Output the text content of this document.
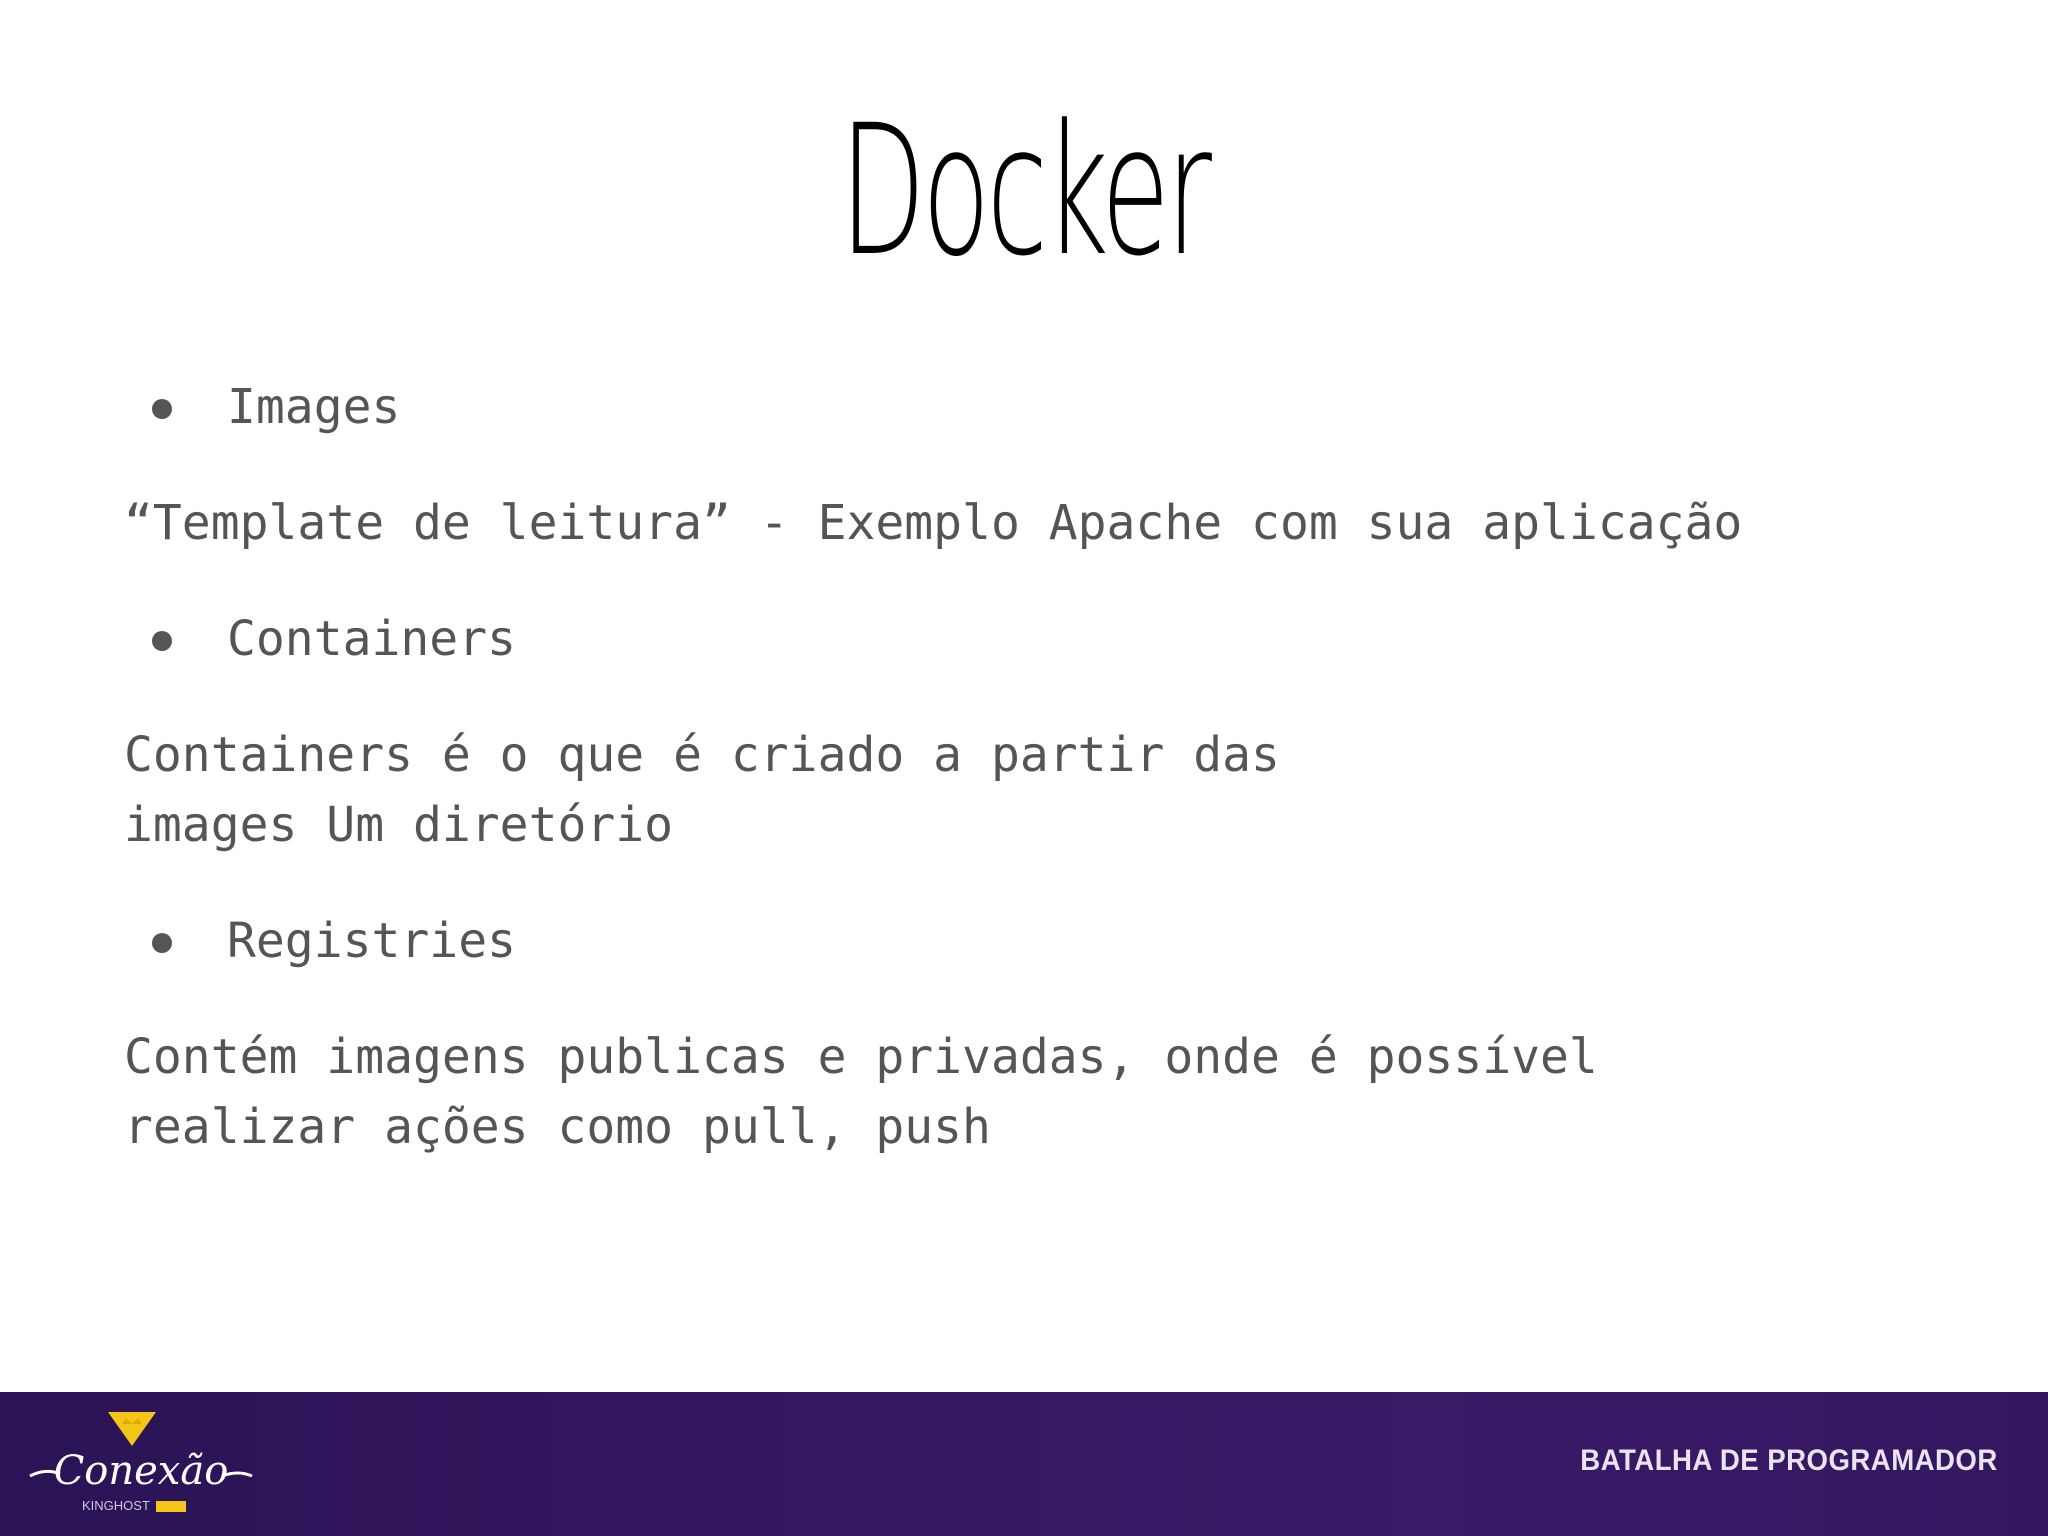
Docker
Images
“Template de leitura” - Exemplo Apache com sua aplicação
Containers
Containers é o que é criado a partir das images Um diretório
Registries
Contém imagens publicas e privadas, onde é possível realizar ações como pull, push
Conexão
KINGHOST
BATALHA DE PROGRAMADOR
